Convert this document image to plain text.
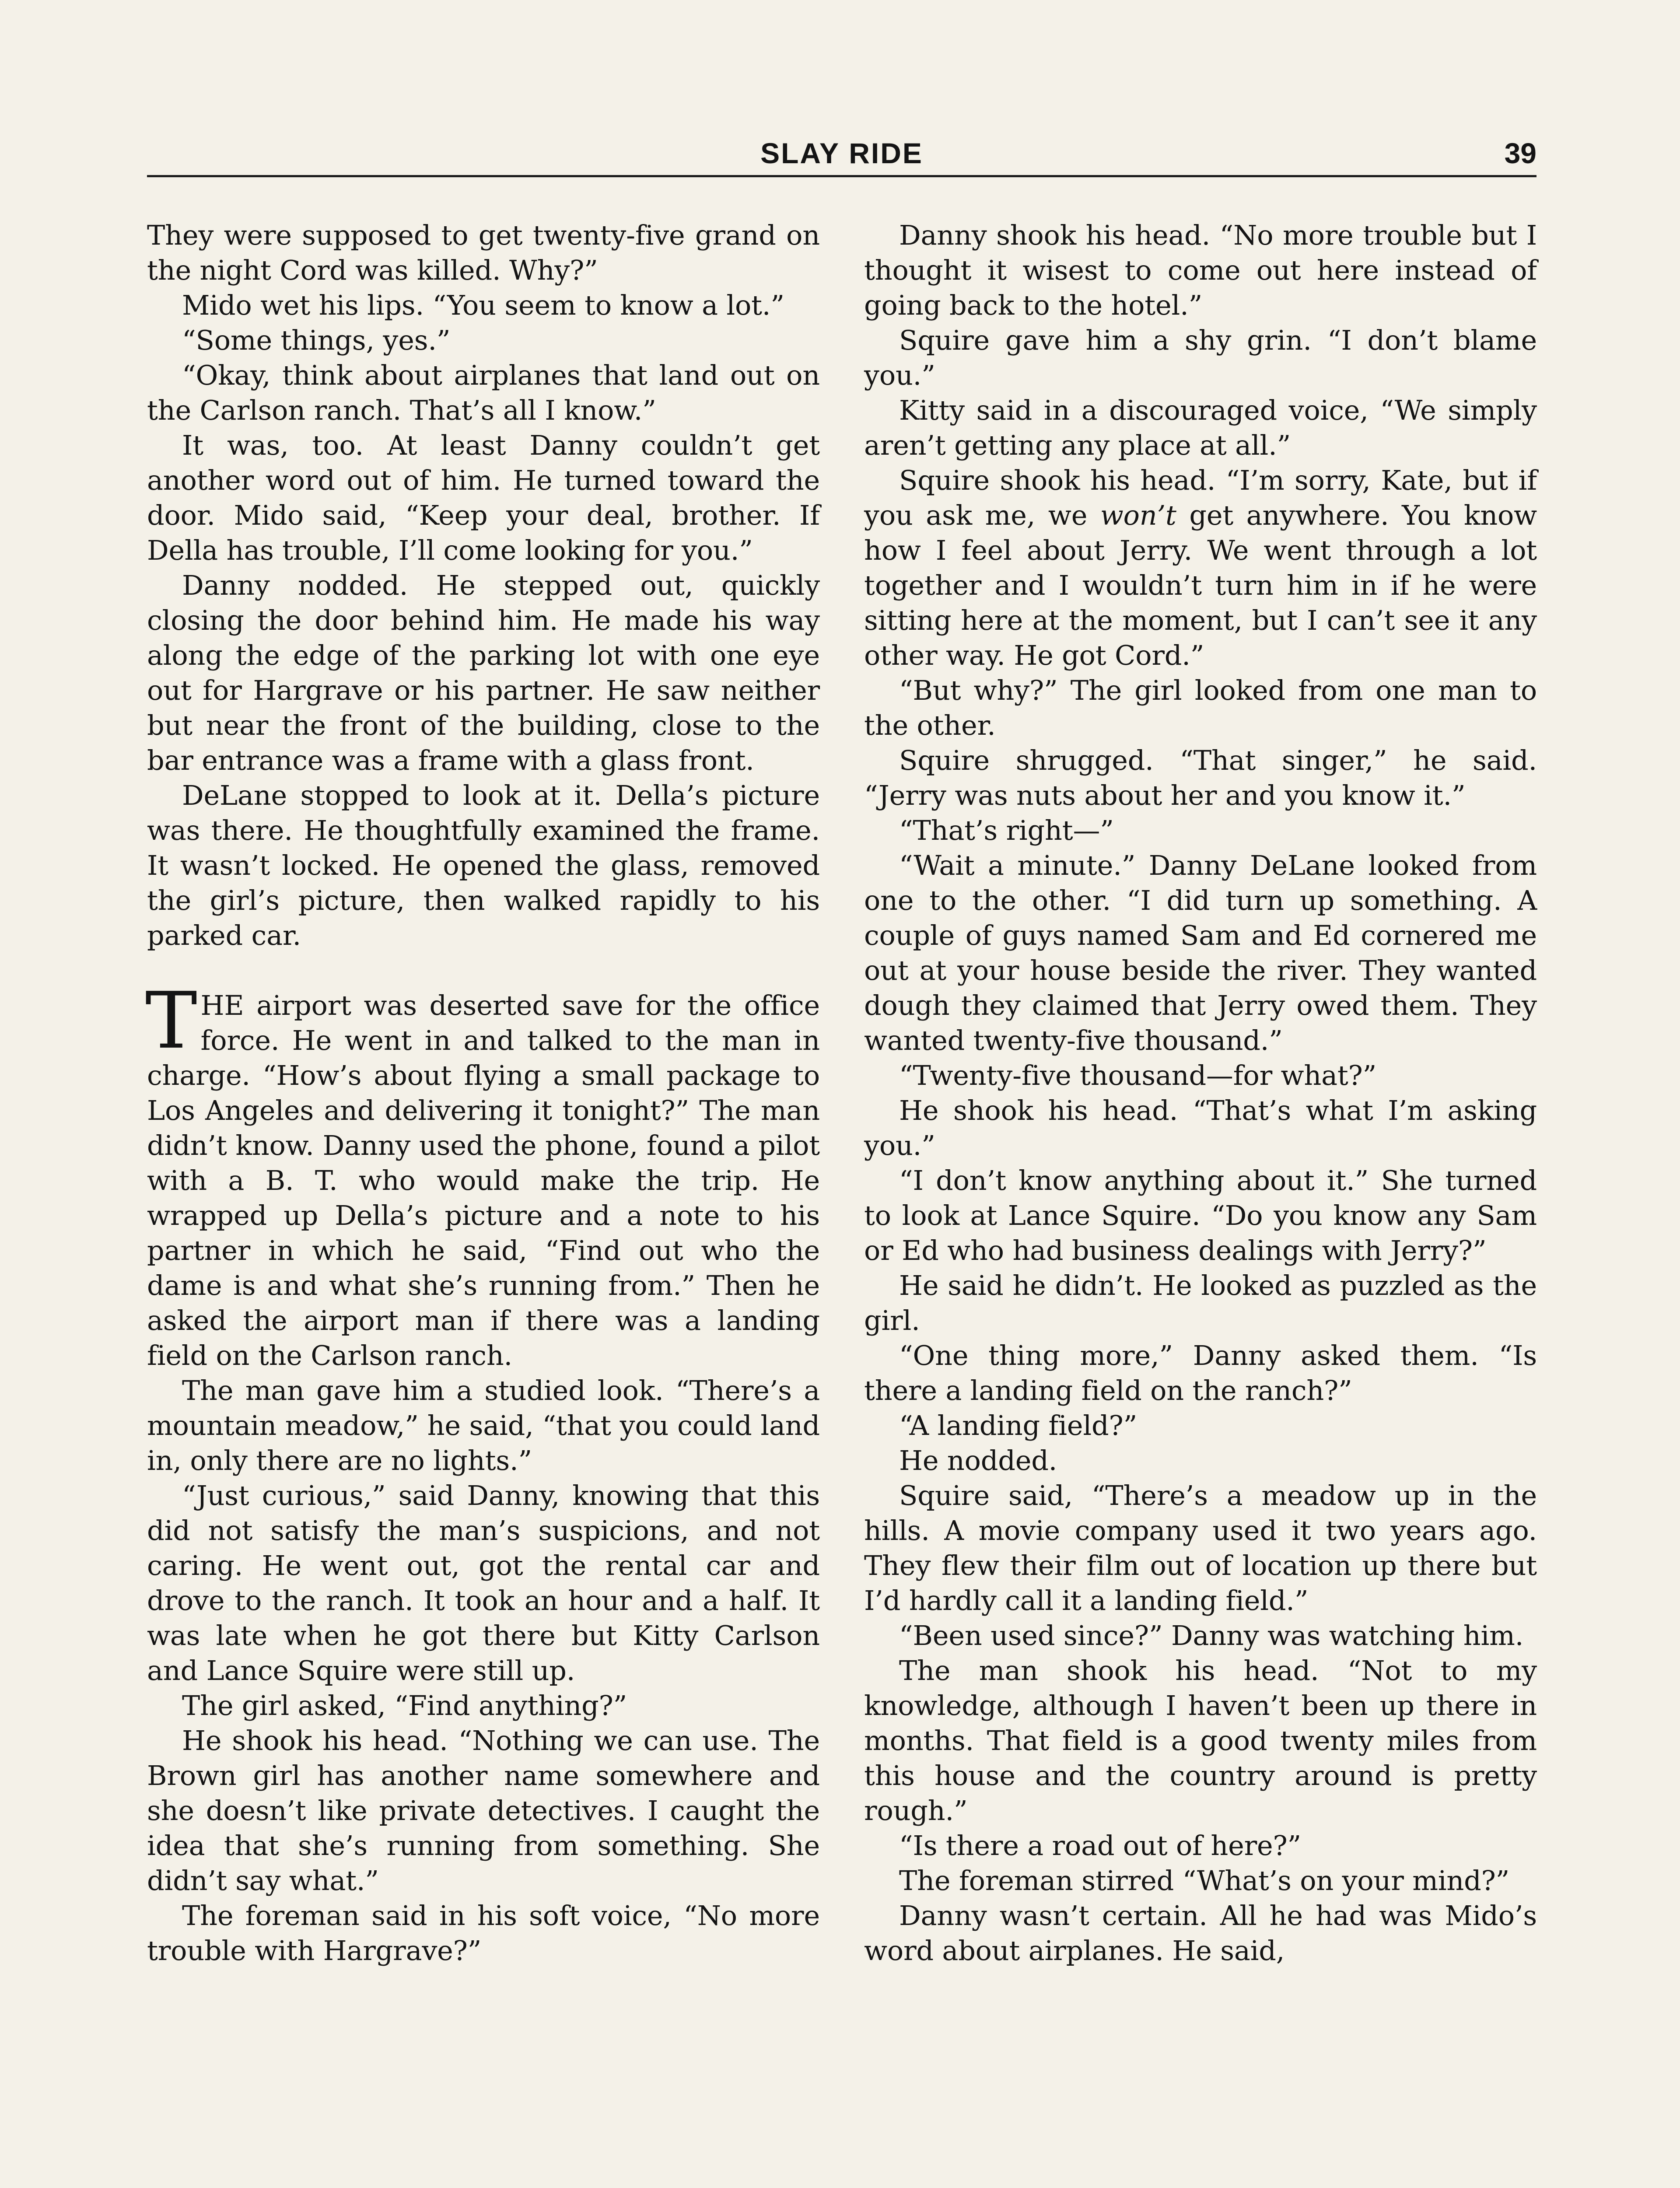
SLAY RIDE	39

They were supposed to get twenty-five grand on the night Cord was killed. Why?”

Mido wet his lips. “You seem to know a lot.”

“Some things, yes.”

“Okay, think about airplanes that land out on the Carlson ranch. That’s all I know.”

It was, too. At least Danny couldn’t get another word out of him. He turned toward the door. Mido said, “Keep your deal, brother. If Della has trouble, I’ll come looking for you.”

Danny nodded. He stepped out, quickly closing the door behind him. He made his way along the edge of the parking lot with one eye out for Hargrave or his partner. He saw neither but near the front of the building, close to the bar entrance was a frame with a glass front.

DeLane stopped to look at it. Della’s picture was there. He thoughtfully examined the frame. It wasn’t locked. He opened the glass, removed the girl’s picture, then walked rapidly to his parked car.

THE airport was deserted save for the office force. He went in and talked to the man in charge. “How’s about flying a small package to Los Angeles and delivering it tonight?” The man didn’t know. Danny used the phone, found a pilot with a B. T. who would make the trip. He wrapped up Della’s picture and a note to his partner in which he said, “Find out who the dame is and what she’s running from.” Then he asked the airport man if there was a landing field on the Carlson ranch.

The man gave him a studied look. “There’s a mountain meadow,” he said, “that you could land in, only there are no lights.”

“Just curious,” said Danny, knowing that this did not satisfy the man’s suspicions, and not caring. He went out, got the rental car and drove to the ranch. It took an hour and a half. It was late when he got there but Kitty Carlson and Lance Squire were still up.

The girl asked, “Find anything?”

He shook his head. “Nothing we can use. The Brown girl has another name somewhere and she doesn’t like private detectives. I caught the idea that she’s running from something. She didn’t say what.”

The foreman said in his soft voice, “No more trouble with Hargrave?”

Danny shook his head. “No more trouble but I thought it wisest to come out here instead of going back to the hotel.”

Squire gave him a shy grin. “I don’t blame you.”

Kitty said in a discouraged voice, “We simply aren’t getting any place at all.”

Squire shook his head. “I’m sorry, Kate, but if you ask me, we won’t get anywhere. You know how I feel about Jerry. We went through a lot together and I wouldn’t turn him in if he were sitting here at the moment, but I can’t see it any other way. He got Cord.”

“But why?” The girl looked from one man to the other.

Squire shrugged. “That singer,” he said. “Jerry was nuts about her and you know it.”

“That’s right—”

“Wait a minute.” Danny DeLane looked from one to the other. “I did turn up something. A couple of guys named Sam and Ed cornered me out at your house beside the river. They wanted dough they claimed that Jerry owed them. They wanted twenty-five thousand.”

“Twenty-five thousand—for what?”

He shook his head. “That’s what I’m asking you.”

“I don’t know anything about it.” She turned to look at Lance Squire. “Do you know any Sam or Ed who had business dealings with Jerry?”

He said he didn’t. He looked as puzzled as the girl.

“One thing more,” Danny asked them. “Is there a landing field on the ranch?”

“A landing field?”

He nodded.

Squire said, “There’s a meadow up in the hills. A movie company used it two years ago. They flew their film out of location up there but I’d hardly call it a landing field.”

“Been used since?” Danny was watching him.

The man shook his head. “Not to my knowledge, although I haven’t been up there in months. That field is a good twenty miles from this house and the country around is pretty rough.”

“Is there a road out of here?”

The foreman stirred “What’s on your mind?”

Danny wasn’t certain. All he had was Mido’s word about airplanes. He said,
